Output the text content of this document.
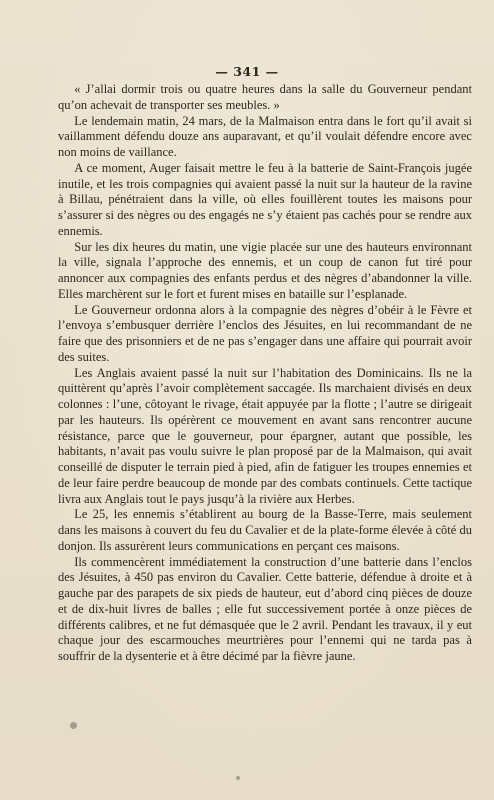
— 341 —

« J’allai dormir trois ou quatre heures dans la salle du Gouverneur pendant qu’on achevait de transporter ses meubles. »

Le lendemain matin, 24 mars, de la Malmaison entra dans le fort qu’il avait si vaillamment défendu douze ans auparavant, et qu’il voulait défendre encore avec non moins de vaillance.

A ce moment, Auger faisait mettre le feu à la batterie de Saint-François jugée inutile, et les trois compagnies qui avaient passé la nuit sur la hauteur de la ravine à Billau, pénétraient dans la ville, où elles fouillèrent toutes les maisons pour s’assurer si des nègres ou des engagés ne s’y étaient pas cachés pour se rendre aux ennemis.

Sur les dix heures du matin, une vigie placée sur une des hauteurs environnant la ville, signala l’approche des ennemis, et un coup de canon fut tiré pour annoncer aux compagnies des enfants perdus et des nègres d’abandonner la ville. Elles marchèrent sur le fort et furent mises en bataille sur l’esplanade.

Le Gouverneur ordonna alors à la compagnie des nègres d’obéir à le Fèvre et l’envoya s’embusquer derrière l’enclos des Jésuites, en lui recommandant de ne faire que des prisonniers et de ne pas s’engager dans une affaire qui pourrait avoir des suites.

Les Anglais avaient passé la nuit sur l’habitation des Dominicains. Ils ne la quittèrent qu’après l’avoir complètement saccagée. Ils marchaient divisés en deux colonnes : l’une, côtoyant le rivage, était appuyée par la flotte ; l’autre se dirigeait par les hauteurs. Ils opérèrent ce mouvement en avant sans rencontrer aucune résistance, parce que le gouverneur, pour épargner, autant que possible, les habitants, n’avait pas voulu suivre le plan proposé par de la Malmaison, qui avait conseillé de disputer le terrain pied à pied, afin de fatiguer les troupes ennemies et de leur faire perdre beaucoup de monde par des combats continuels. Cette tactique livra aux Anglais tout le pays jusqu’à la rivière aux Herbes.

Le 25, les ennemis s’établirent au bourg de la Basse-Terre, mais seulement dans les maisons à couvert du feu du Cavalier et de la plate-forme élevée à côté du donjon. Ils assurèrent leurs communications en perçant ces maisons.

Ils commencèrent immédiatement la construction d’une batterie dans l’enclos des Jésuites, à 450 pas environ du Cavalier. Cette batterie, défendue à droite et à gauche par des parapets de six pieds de hauteur, eut d’abord cinq pièces de douze et de dix-huit livres de balles ; elle fut successivement portée à onze pièces de différents calibres, et ne fut démasquée que le 2 avril. Pendant les travaux, il y eut chaque jour des escarmouches meurtrières pour l’ennemi qui ne tarda pas à souffrir de la dysenterie et à être décimé par la fièvre jaune.
